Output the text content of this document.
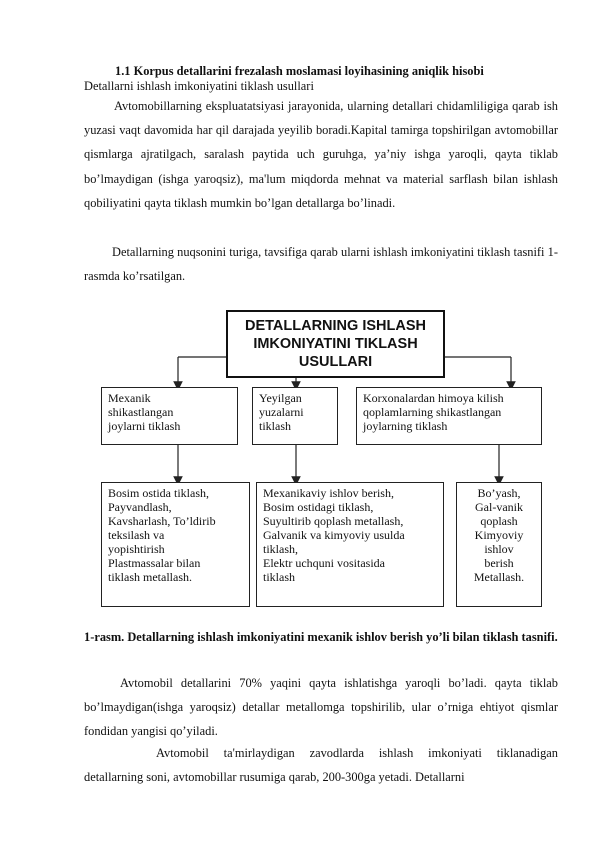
1.1 Korpus detallarini frezalash moslamasi loyihasining aniqlik hisobi
Detallarni ishlash imkoniyatini tiklash usullari

Avtomobillarning ekspluatatsiyasi jarayonida, ularning detallari chidamliligiga qarab ish yuzasi vaqt davomida har qil darajada yeyilib boradi.Kapital tamirga topshirilgan avtomobillar qismlarga ajratilgach, saralash paytida uch guruhga, ya’niy ishga yaroqli, qayta tiklab bo’lmaydigan (ishga yaroqsiz), ma'lum miqdorda mehnat va material sarflash bilan ishlash qobiliyatini qayta tiklash mumkin bo’lgan detallarga bo’linadi.

Detallarning nuqsonini turiga, tavsifiga qarab ularni ishlash imkoniyatini tiklash tasnifi 1- rasmda ko’rsatilgan.

DETALLARNING ISHLASH
IMKONIYATINI TIKLASH
USULLARI
Mexanik
shikastlangan
joylarni tiklash
Yeyilgan
yuzalarni
tiklash
Korxonalardan himoya kilish
qoplamlarning shikastlangan
joylarning tiklash
Bosim ostida tiklash,
Payvandlash,
Kavsharlash, To’ldirib
teksilash va
yopishtirish
Plastmassalar bilan
tiklash metallash.
Mexanikaviy ishlov berish,
Bosim ostidagi tiklash,
Suyultirib qoplash metallash,
Galvanik va kimyoviy usulda
tiklash,
Elektr uchquni vositasida
tiklash
Bo’yash,
Gal-vanik
qoplash
Kimyoviy
ishlov
berish
Metallash.

1-rasm. Detallarning ishlash imkoniyatini mexanik ishlov berish yo’li bilan tiklash tasnifi.

Avtomobil detallarini 70% yaqini qayta ishlatishga yaroqli bo’ladi. qayta tiklab bo’lmaydigan(ishga yaroqsiz) detallar metallomga topshirilib, ular o’rniga ehtiyot qismlar fondidan yangisi qo’yiladi.

Avtomobil ta'mirlaydigan zavodlarda ishlash imkoniyati tiklanadigan detallarning soni, avtomobillar rusumiga qarab, 200-300ga yetadi. Detallarni
